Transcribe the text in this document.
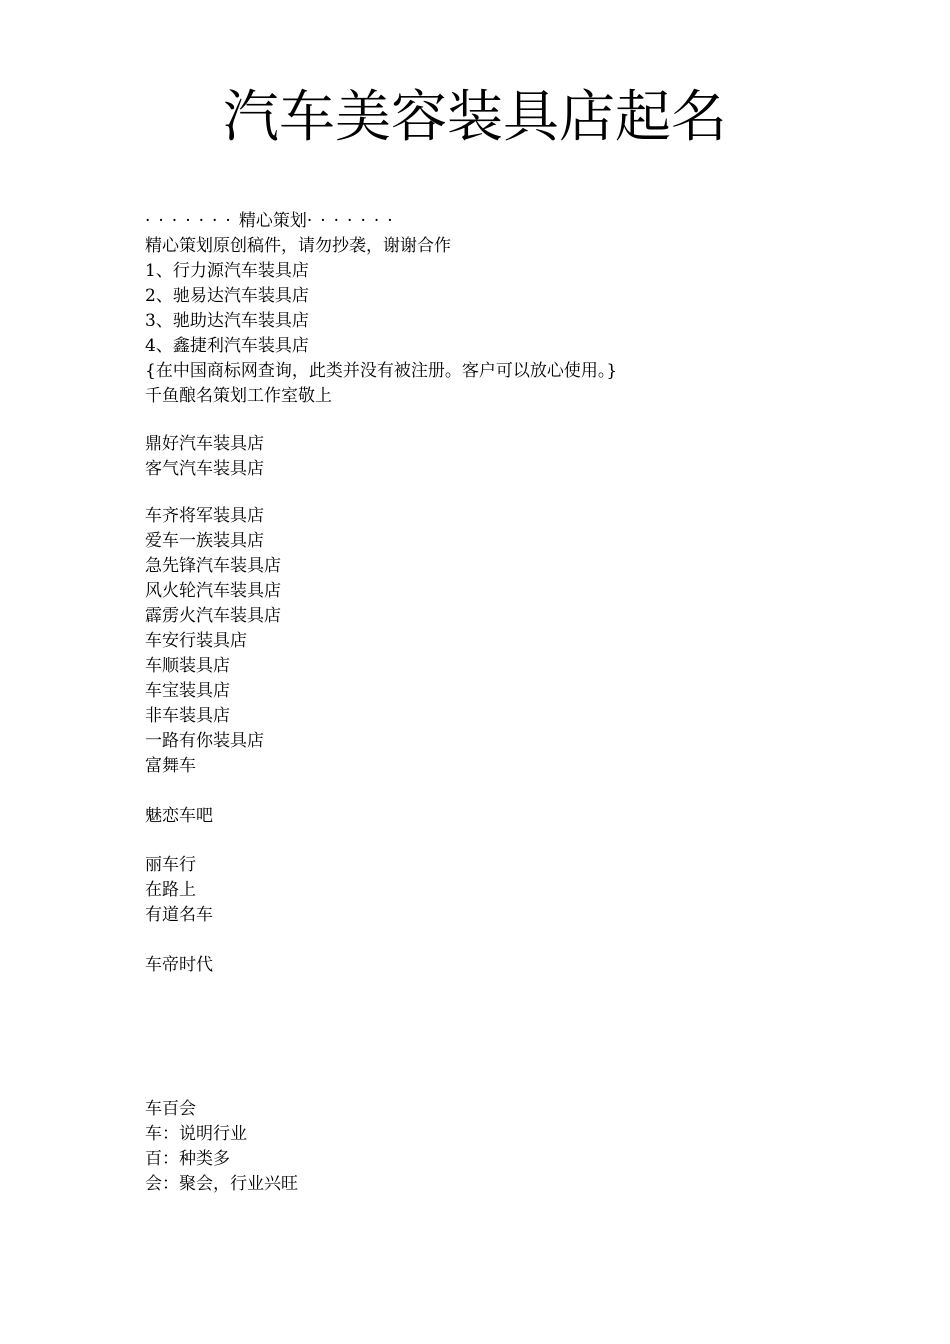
汽车美容装具店起名
·······精心策划·······

精心策划原创稿件，请勿抄袭，谢谢合作

1、行力源汽车装具店

2、驰易达汽车装具店

3、驰助达汽车装具店

4、鑫捷利汽车装具店

{在中国商标网查询，此类并没有被注册。客户可以放心使用。}

千鱼酿名策划工作室敬上

鼎好汽车装具店

客气汽车装具店

车齐将军装具店

爱车一族装具店

急先锋汽车装具店

风火轮汽车装具店

霹雳火汽车装具店

车安行装具店

车顺装具店

车宝装具店

非车装具店

一路有你装具店

富舞车

魅恋车吧

丽车行

在路上

有道名车

车帝时代

车百会

车：说明行业

百：种类多

会：聚会，行业兴旺
